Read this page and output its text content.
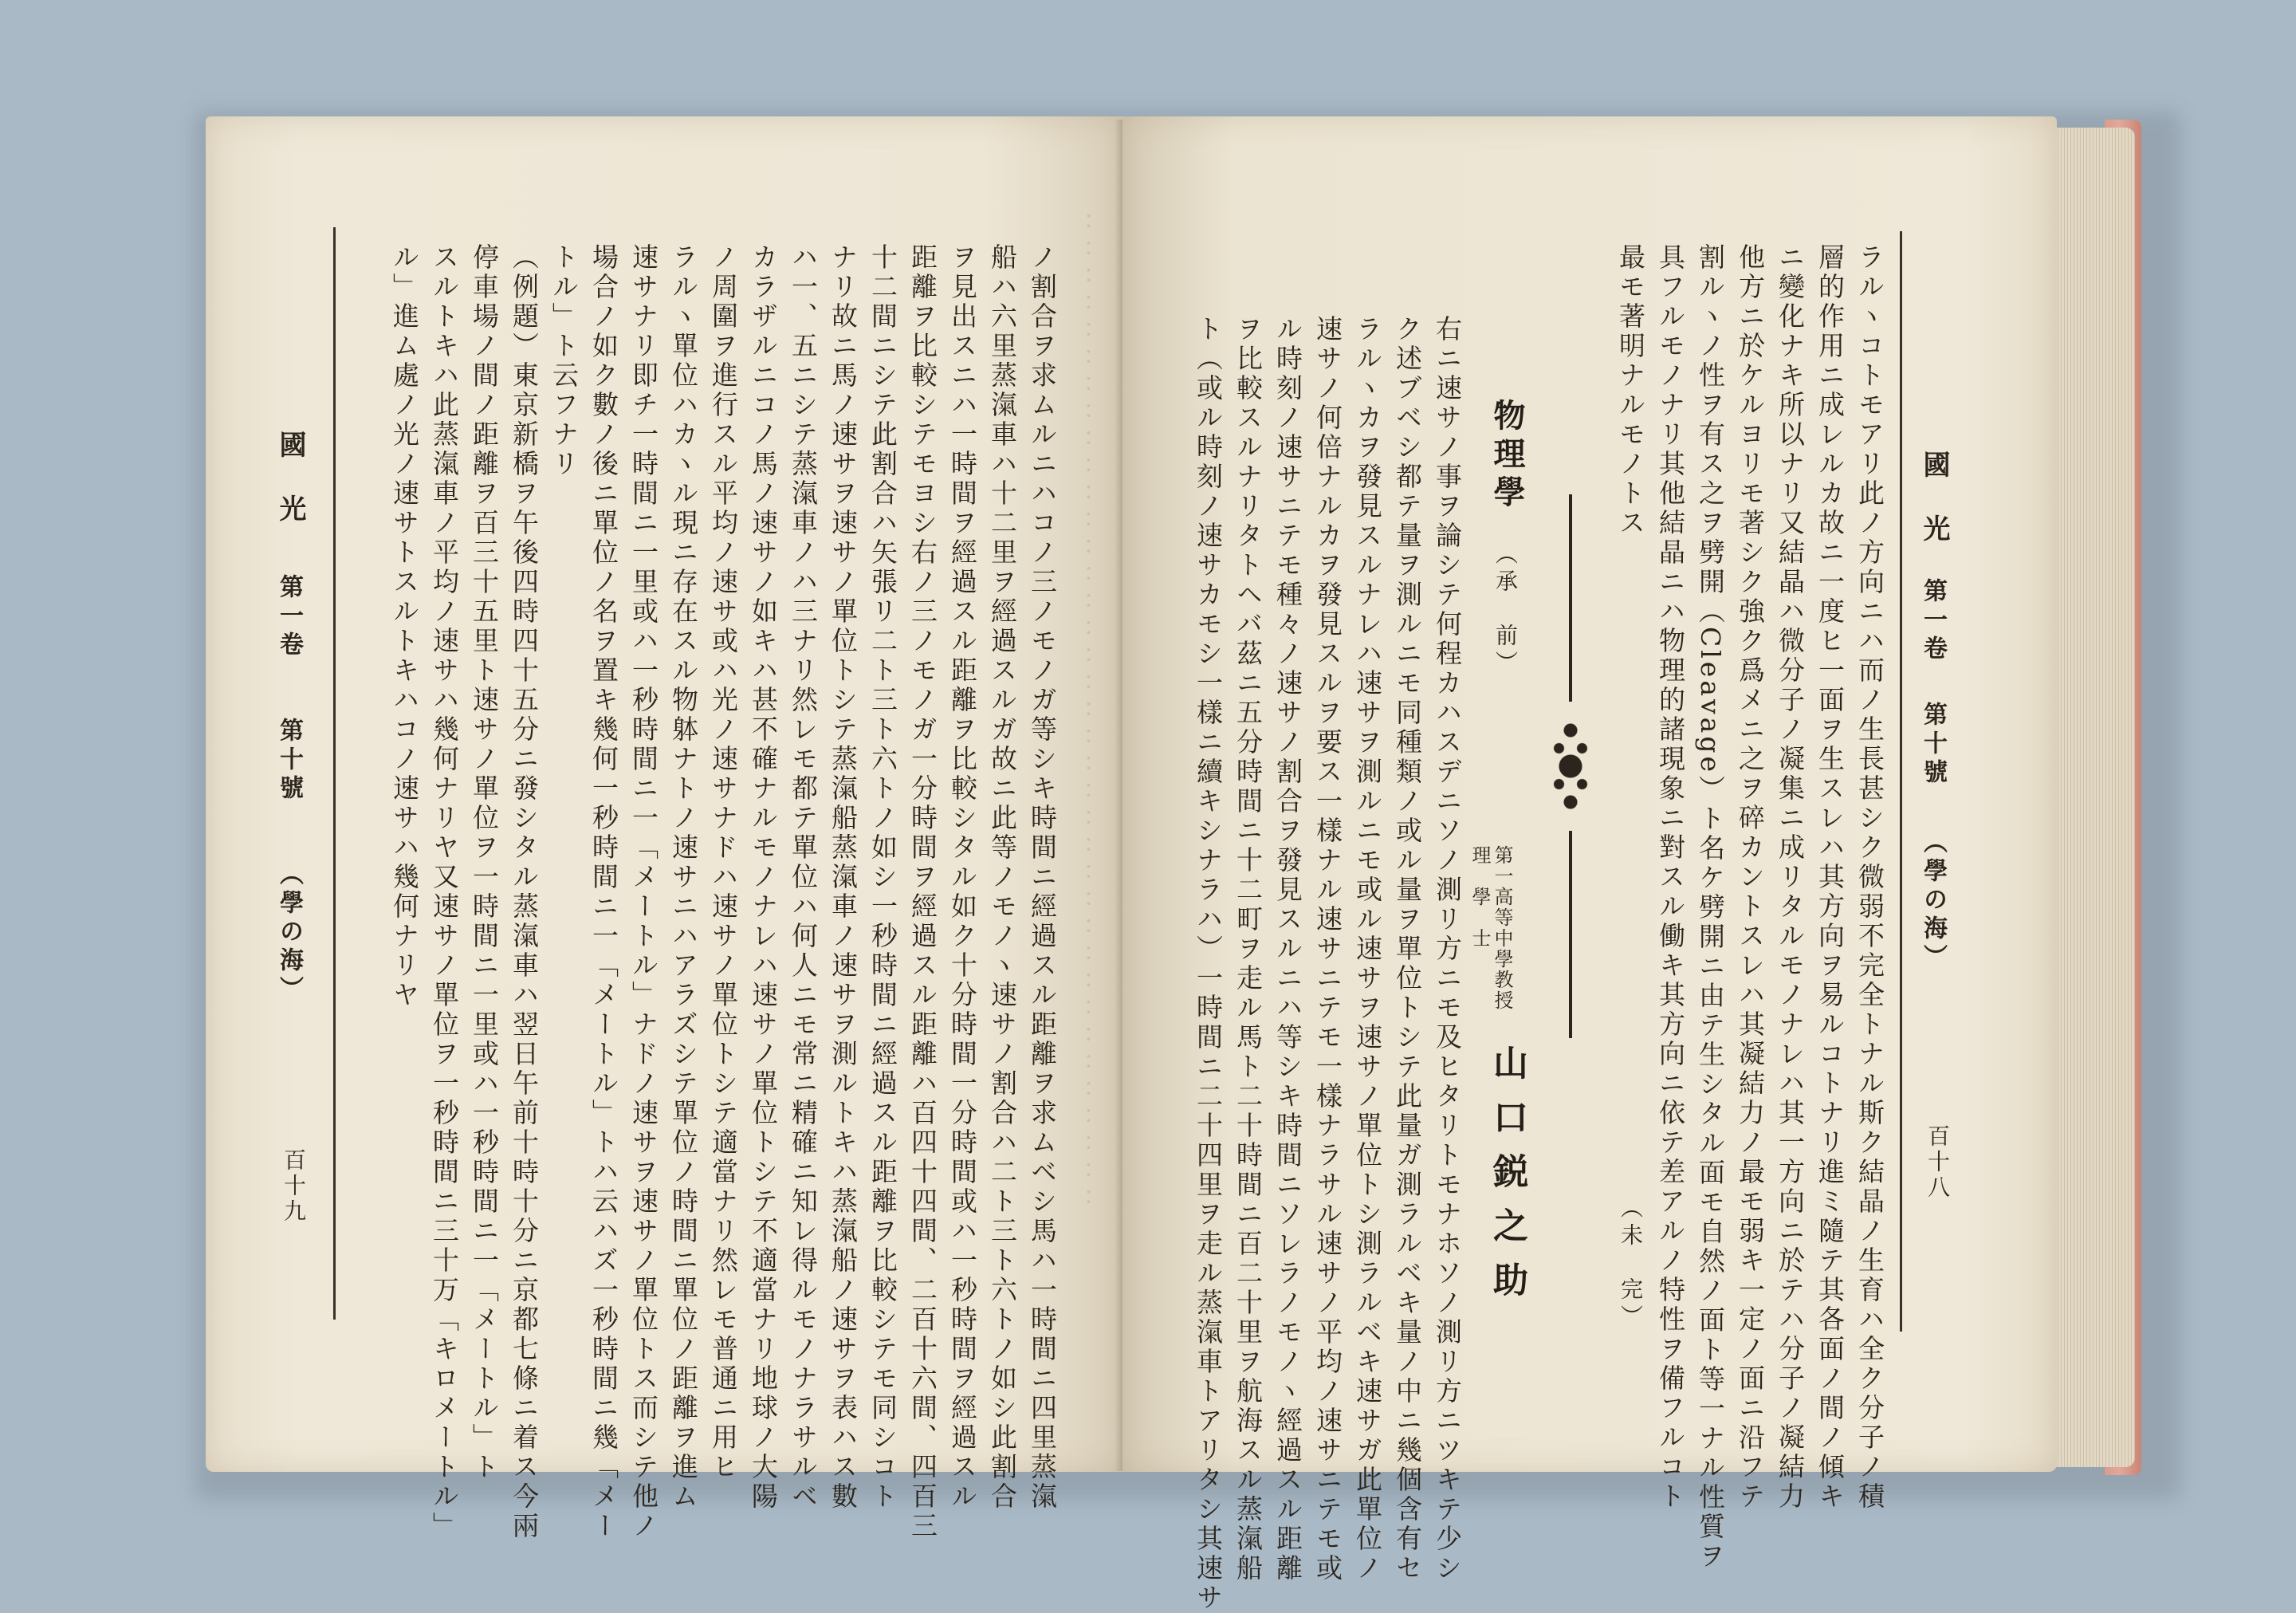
：：：：：：：：：：：：：：：：：：：：：：：：：：：：：：：：：：：：：
國　光
第一卷
第十號
（學の海）
百十九	ノ割合ヲ求ムルニハコノ三ノモノガ等シキ時間ニ經過スル距離ヲ求ムベシ馬ハ一時間ニ四里蒸滊
船ハ六里蒸滊車ハ十二里ヲ經過スルガ故ニ此等ノモノヽ速サノ割合ハ二ト三ト六トノ如シ此割合
ヲ見出スニハ一時間ヲ經過スル距離ヲ比較シタル如ク十分時間一分時間或ハ一秒時間ヲ經過スル
距離ヲ比較シテモヨシ右ノ三ノモノガ一分時間ヲ經過スル距離ハ百四十四間、二百十六間、四百三
十二間ニシテ此割合ハ矢張リ二ト三ト六トノ如シ一秒時間ニ經過スル距離ヲ比較シテモ同シコト
ナリ故ニ馬ノ速サヲ速サノ單位トシテ蒸滊船蒸滊車ノ速サヲ測ルトキハ蒸滊船ノ速サヲ表ハス數
ハ一、五ニシテ蒸滊車ノハ三ナリ然レモ都テ單位ハ何人ニモ常ニ精確ニ知レ得ルモノナラサルベ
カラザルニコノ馬ノ速サノ如キハ甚不確ナルモノナレハ速サノ單位トシテ不適當ナリ地球ノ大陽
ノ周圍ヲ進行スル平均ノ速サ或ハ光ノ速サナドハ速サノ單位トシテ適當ナリ然レモ普通ニ用ヒ
ラルヽ單位ハカヽル現ニ存在スル物躰ナトノ速サニハアラズシテ單位ノ時間ニ單位ノ距離ヲ進ム
速サナリ即チ一時間ニ一里或ハ一秒時間ニ一「メートル」ナドノ速サヲ速サノ單位トス而シテ他ノ
場合ノ如ク數ノ後ニ單位ノ名ヲ置キ幾何一秒時間ニ一「メートル」トハ云ハズ一秒時間ニ幾「メー
トル」ト云フナリ
（例題）東京新橋ヲ午後四時四十五分ニ發シタル蒸滊車ハ翌日午前十時十分ニ京都七條ニ着ス今兩
停車場ノ間ノ距離ヲ百三十五里ト速サノ單位ヲ一時間ニ一里或ハ一秒時間ニ一「メートル」ト
スルトキハ此蒸滊車ノ平均ノ速サハ幾何ナリヤ又速サノ單位ヲ一秒時間ニ三十万「キロメートル」
ル」進ム處ノ光ノ速サトスルトキハコノ速サハ幾何ナリヤ	國　光
第一卷
第十號
（學の海）
百十八
ラルヽコトモアリ此ノ方向ニハ而ノ生長甚シク微弱不完全トナル斯ク結晶ノ生育ハ全ク分子ノ積
層的作用ニ成レルカ故ニ一度ヒ一面ヲ生スレハ其方向ヲ易ルコトナリ進ミ隨テ其各面ノ間ノ傾キ
ニ變化ナキ所以ナリ又結晶ハ微分子ノ凝集ニ成リタルモノナレハ其一方向ニ於テハ分子ノ凝結力
他方ニ於ケルヨリモ著シク強ク爲メニ之ヲ碎カントスレハ其凝結力ノ最モ弱キ一定ノ面ニ沿フテ
割ルヽノ性ヲ有ス之ヲ劈開（Cleavage）ト名ケ劈開ニ由テ生シタル面モ自然ノ面ト等一ナル性質ヲ
具フルモノナリ其他結晶ニハ物理的諸現象ニ對スル働キ其方向ニ依テ差アルノ特性ヲ備フルコト
最モ著明ナルモノトス
（未　完）
物理學
（承　前）
第一高等中學教授
理　學　士
山口鋭之助
右ニ速サノ事ヲ論シテ何程カハスデニソノ測リ方ニモ及ヒタリトモナホソノ測リ方ニツキテ少シ
ク述ブベシ都テ量ヲ測ルニモ同種類ノ或ル量ヲ單位トシテ此量ガ測ラルベキ量ノ中ニ幾個含有セ
ラルヽカヲ發見スルナレハ速サヲ測ルニモ或ル速サヲ速サノ單位トシ測ラルベキ速サガ此單位ノ
速サノ何倍ナルカヲ發見スルヲ要ス一樣ナル速サニテモ一樣ナラサル速サノ平均ノ速サニテモ或
ル時刻ノ速サニテモ種々ノ速サノ割合ヲ發見スルニハ等シキ時間ニソレラノモノヽ經過スル距離
ヲ比較スルナリタトヘバ茲ニ五分時間ニ十二町ヲ走ル馬ト二十時間ニ百二十里ヲ航海スル蒸滊船
ト（或ル時刻ノ速サカモシ一樣ニ續キシナラハ）一時間ニ二十四里ヲ走ル蒸滊車トアリタシ其速サ
